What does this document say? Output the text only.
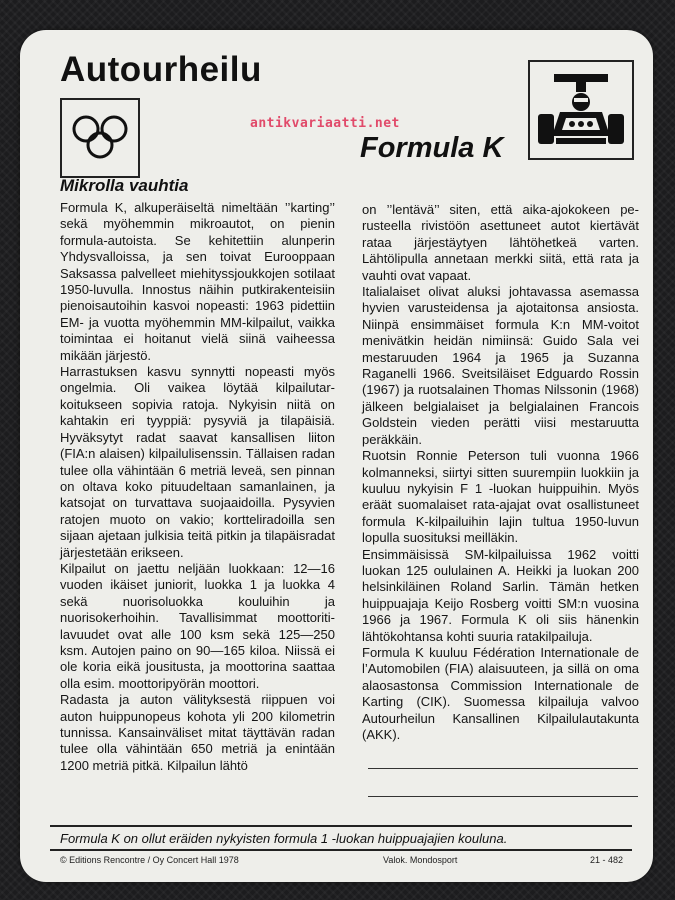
Autourheilu
antikvariaatti.net
Formula K
Mikrolla vauhtia

Formula K, alkuperäiseltä nimeltään ’’karting’’ sekä myöhemmin mikroautot, on pienin formula-autoista. Se kehitettiin alunperin Yhdysvalloissa, ja sen toivat Eurooppaan Saksassa palvelleet miehityssjoukkojen sotilaat 1950-luvulla. Innostus näihin putkirakenteisiin pienoisautoihin kasvoi nopeasti: 1963 pidettiin EM- ja vuotta myöhemmin MM-kilpailut, vaikka toimintaa ei hoitanut vielä siinä vaiheessa mikään järjestö.

Harrastuksen kasvu synnytti nopeasti myös ongelmia. Oli vaikea löytää kilpailutarkoitukseen sopivia ratoja. Nykyisin niitä on kahtakin eri tyyppiä: pysyviä ja tilapäisiä. Hyväksytyt radat saavat kansallisen liiton (FIA:n alaisen) kilpailulisenssin. Tällaisen radan tulee olla vähintään 6 metriä leveä, sen pinnan on oltava koko pituudeltaan samanlainen, ja katsojat on turvattava suojaaidoilla. Pysyvien ratojen muoto on vakio; kortteliradoilla sen sijaan ajetaan julkisia teitä pitkin ja tilapäisradat järjestetään erikseen.

Kilpailut on jaettu neljään luokkaan: 12—16 vuoden ikäiset juniorit, luokka 1 ja luokka 4 sekä nuorisoluokka kouluihin ja nuorisokerhoihin. Tavallisimmat moottoritilavuudet ovat alle 100 ksm sekä 125—250 ksm. Autojen paino on 90—165 kiloa. Niissä ei ole koria eikä jousitusta, ja moottorina saattaa olla esim. moottoripyörän moottori.

Radasta ja auton välityksestä riippuen voi auton huippunopeus kohota yli 200 kilometrin tunnissa. Kansainväliset mitat täyttävän radan tulee olla vähintään 650 metriä ja enintään 1200 metriä pitkä. Kilpailun lähtö

on ’’lentävä’’ siten, että aika-ajokokeen perusteella rivistöön asettuneet autot kiertävät rataa järjestäytyen lähtöhetkeä varten. Lähtölipulla annetaan merkki siitä, että rata ja vauhti ovat vapaat.

Italialaiset olivat aluksi johtavassa asemassa hyvien varusteidensa ja ajotaitonsa ansiosta. Niinpä ensimmäiset formula K:n MM-voitot menivätkin heidän nimiinsä: Guido Sala vei mestaruuden 1964 ja 1965 ja Suzanna Raganelli 1966. Sveitsiläiset Edguardo Rossin (1967) ja ruotsalainen Thomas Nilssonin (1968) jälkeen belgialaiset ja belgialainen Francois Goldstein vieden perätti viisi mestaruutta peräkkäin.

Ruotsin Ronnie Peterson tuli vuonna 1966 kolmanneksi, siirtyi sitten suurempiin luokkiin ja kuuluu nykyisin F 1 -luokan huippuihin. Myös eräät suomalaiset rata-ajajat ovat osallistuneet formula K-kilpailuihin lajin tultua 1950-luvun lopulla suosituksi meilläkin.

Ensimmäisissä SM-kilpailuissa 1962 voitti luokan 125 oululainen A. Heikki ja luokan 200 helsinkiläinen Roland Sarlin. Tämän hetken huippuajaja Keijo Rosberg voitti SM:n vuosina 1966 ja 1967. Formula K oli siis hänenkin lähtökohtansa kohti suuria ratakilpailuja.

Formula K kuuluu Fédération Internationale de l’Automobilen (FIA) alaisuuteen, ja sillä on oma alaosastonsa Commission Internationale de Karting (CIK). Suomessa kilpailuja valvoo Autourheilun Kansallinen Kilpailulautakunta (AKK).

Formula K on ollut eräiden nykyisten formula 1 -luokan huippuajajien kouluna.

© Editions Rencontre / Oy Concert Hall 1978	Valok. Mondosport	21 - 482
